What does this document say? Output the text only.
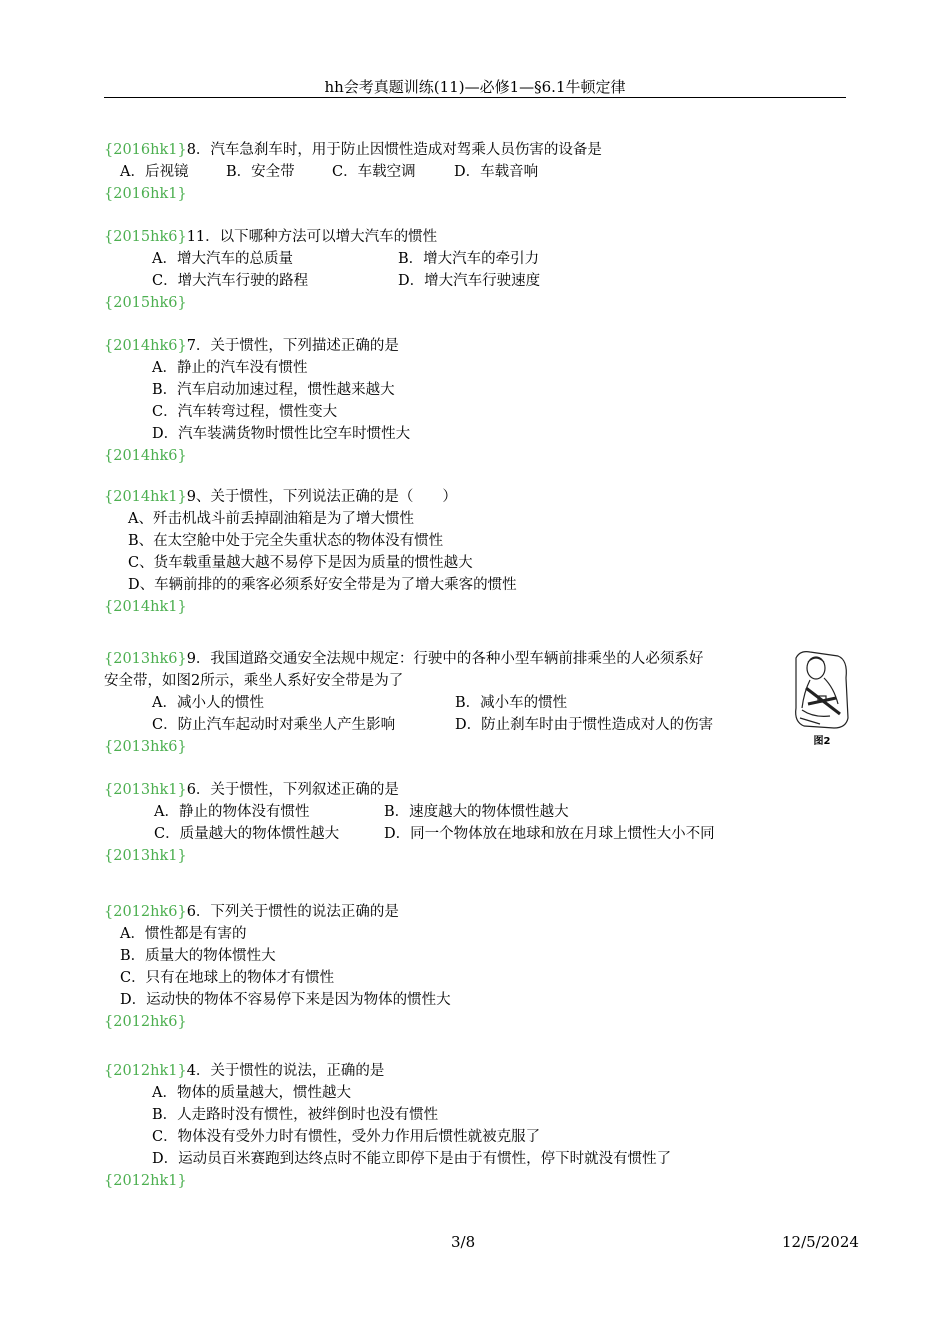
hh会考真题训练(11)—必修1—§6.1牛顿定律
{2016hk1}8．汽车急刹车时，用于防止因惯性造成对驾乘人员伤害的设备是
A．后视镜	B．安全带	C．车载空调	D．车载音响
{2016hk1}
{2015hk6}11．以下哪种方法可以增大汽车的惯性
A．增大汽车的总质量	B．增大汽车的牵引力
C．增大汽车行驶的路程	D．增大汽车行驶速度
{2015hk6}
{2014hk6}7．关于惯性，下列描述正确的是
A．静止的汽车没有惯性
B．汽车启动加速过程，惯性越来越大
C．汽车转弯过程，惯性变大
D．汽车装满货物时惯性比空车时惯性大
{2014hk6}
{2014hk1}9、关于惯性，下列说法正确的是（　　）
A、歼击机战斗前丢掉副油箱是为了增大惯性
B、在太空舱中处于完全失重状态的物体没有惯性
C、货车载重量越大越不易停下是因为质量的惯性越大
D、车辆前排的的乘客必须系好安全带是为了增大乘客的惯性
{2014hk1}
{2013hk6}9．我国道路交通安全法规中规定：行驶中的各种小型车辆前排乘坐的人必须系好
安全带，如图2所示，乘坐人系好安全带是为了
A．减小人的惯性	B．减小车的惯性
C．防止汽车起动时对乘坐人产生影响	D．防止刹车时由于惯性造成对人的伤害
{2013hk6}	图2
{2013hk1}6．关于惯性，下列叙述正确的是
A．静止的物体没有惯性	B．速度越大的物体惯性越大
C．质量越大的物体惯性越大	D．同一个物体放在地球和放在月球上惯性大小不同
{2013hk1}
{2012hk6}6．下列关于惯性的说法正确的是
A．惯性都是有害的
B．质量大的物体惯性大
C．只有在地球上的物体才有惯性
D．运动快的物体不容易停下来是因为物体的惯性大
{2012hk6}
{2012hk1}4．关于惯性的说法，正确的是
A．物体的质量越大，惯性越大
B．人走路时没有惯性，被绊倒时也没有惯性
C．物体没有受外力时有惯性，受外力作用后惯性就被克服了
D．运动员百米赛跑到达终点时不能立即停下是由于有惯性，停下时就没有惯性了
{2012hk1}
3/8	12/5/2024
